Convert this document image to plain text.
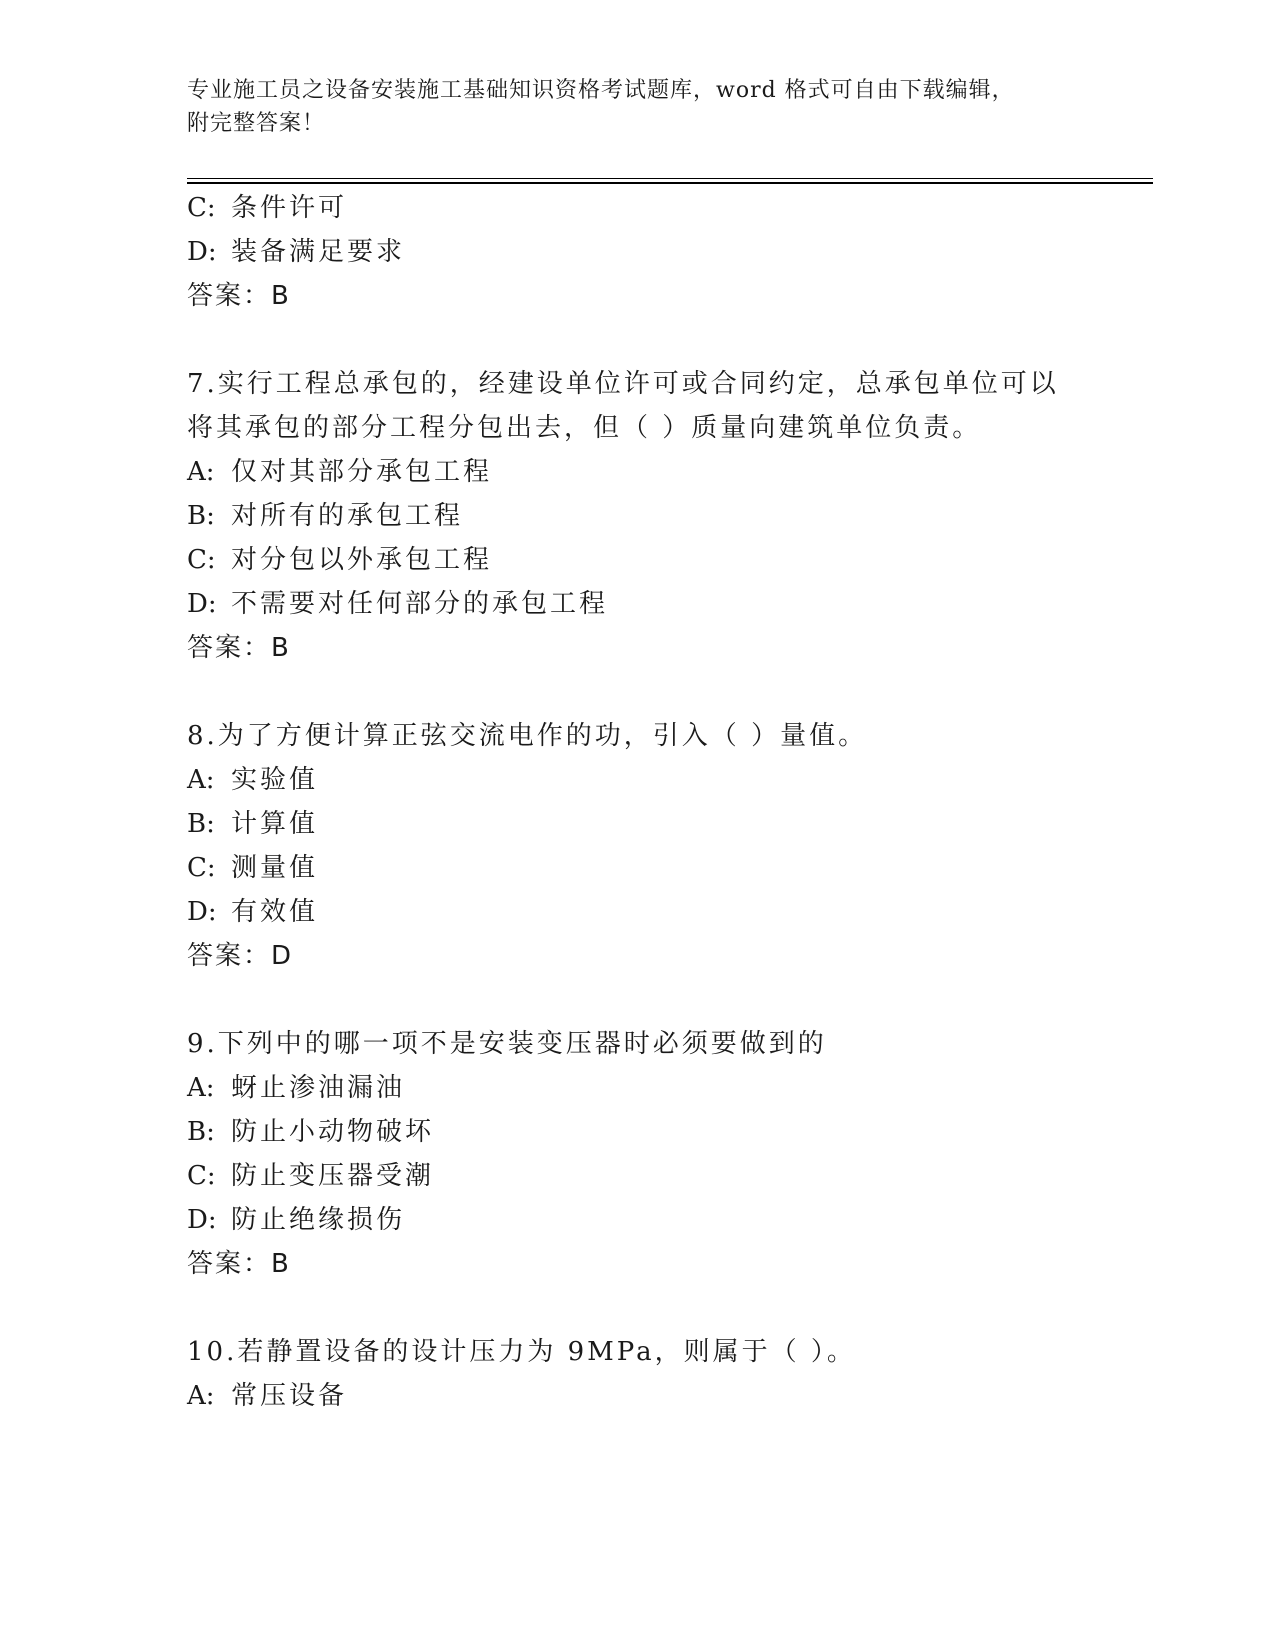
专业施工员之设备安装施工基础知识资格考试题库，word 格式可自由下载编辑，
附完整答案！
C: 条件许可
D: 装备满足要求
答案：B
7.实行工程总承包的，经建设单位许可或合同约定，总承包单位可以
将其承包的部分工程分包出去，但（ ）质量向建筑单位负责。
A: 仅对其部分承包工程
B: 对所有的承包工程
C: 对分包以外承包工程
D: 不需要对任何部分的承包工程
答案：B
8.为了方便计算正弦交流电作的功，引入（ ）量值。
A: 实验值
B: 计算值
C: 测量值
D: 有效值
答案：D
9.下列中的哪一项不是安装变压器时必须要做到的
A: 蚜止渗油漏油
B: 防止小动物破坏
C: 防止变压器受潮
D: 防止绝缘损伤
答案：B
10.若静置设备的设计压力为 9MPa，则属于（ ）。
A: 常压设备
